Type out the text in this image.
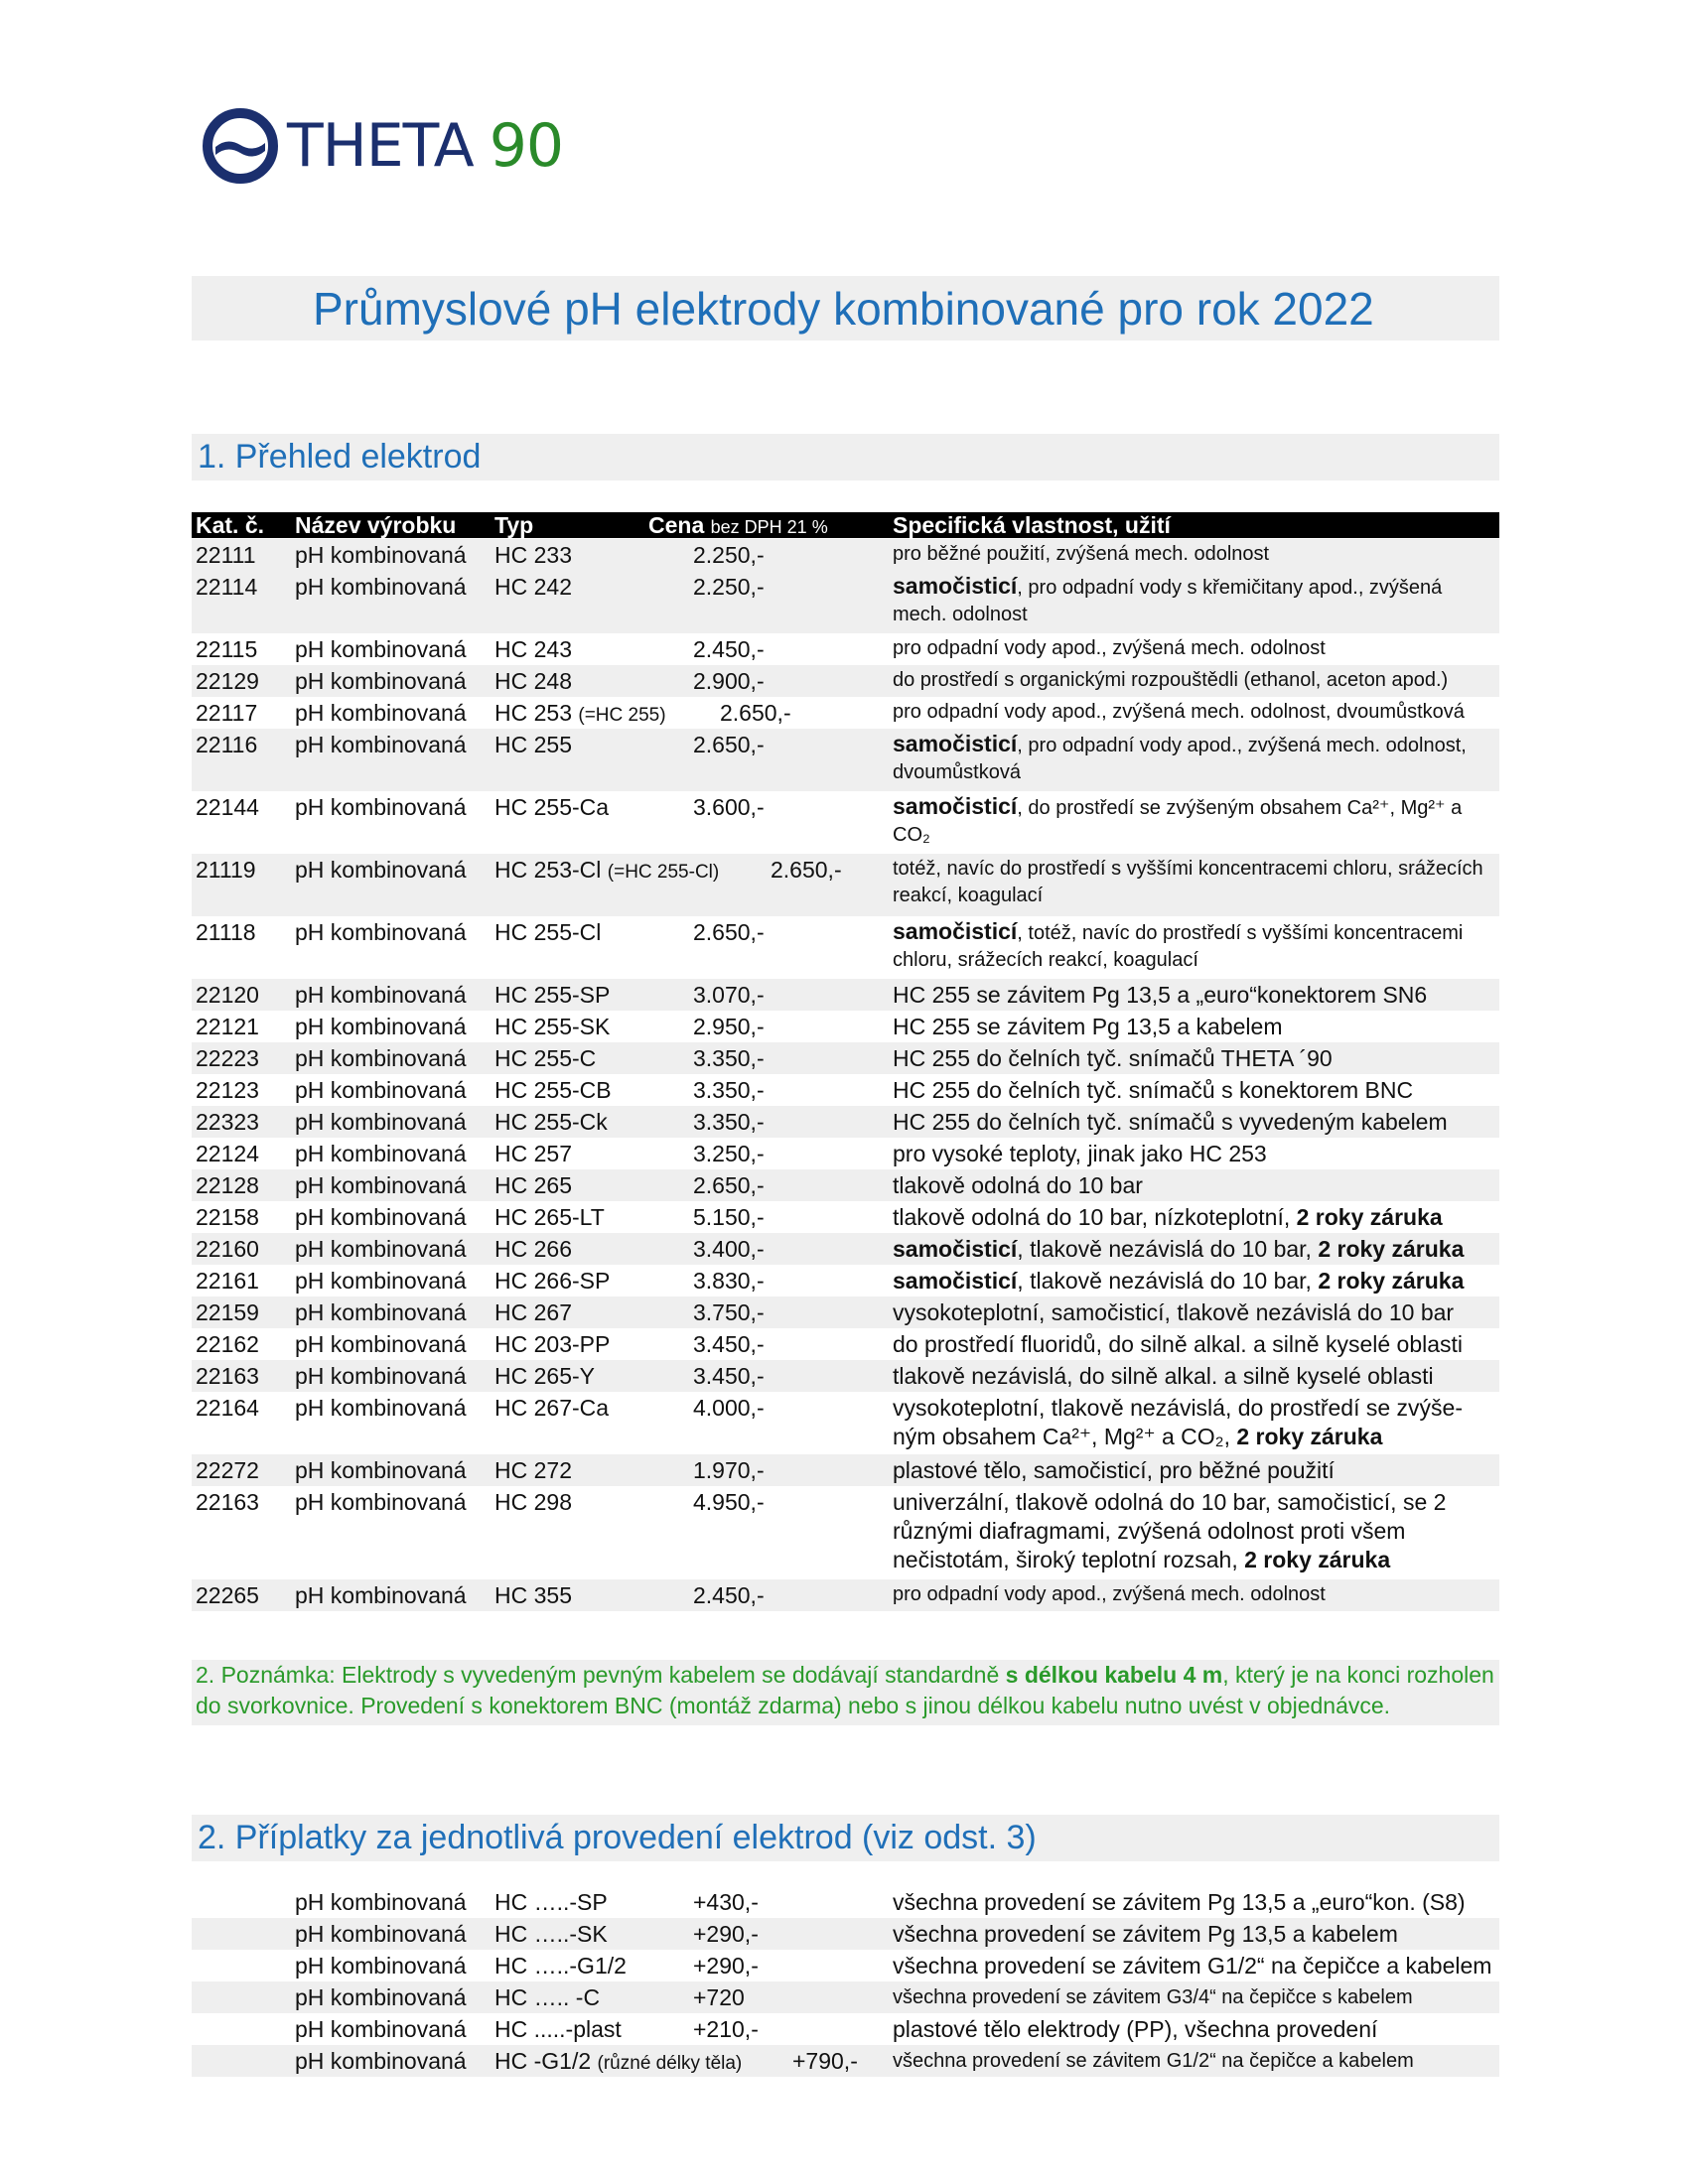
THETA 90
Průmyslové pH elektrody kombinované pro rok 2022
1. Přehled elektrod
Kat. č. Název výrobku Typ	Cena bez DPH 21 %	Specifická vlastnost, užití
22111 pH kombinovaná HC 233	2.250,-	pro běžné použití, zvýšená mech. odolnost
22114 pH kombinovaná HC 242	2.250,-	samočisticí, pro odpadní vody s křemičitany apod., zvýšená mech. odolnost
22115 pH kombinovaná HC 243	2.450,-	pro odpadní vody apod., zvýšená mech. odolnost
22129 pH kombinovaná HC 248	2.900,-	do prostředí s organickými rozpouštědli (ethanol, aceton apod.)
22117 pH kombinovaná HC 253 (=HC 255) 2.650,-	pro odpadní vody apod., zvýšená mech. odolnost, dvoumůstková
22116 pH kombinovaná HC 255	2.650,-	samočisticí, pro odpadní vody apod., zvýšená mech. odolnost, dvoumůstková
22144 pH kombinovaná HC 255-Ca	3.600,-	samočisticí, do prostředí se zvýšeným obsahem Ca²⁺, Mg²⁺ a CO₂
21119 pH kombinovaná HC 253-Cl (=HC 255-Cl) 2.650,-	totéž, navíc do prostředí s vyššími koncentracemi chloru, srážecích reakcí, koagulací
21118 pH kombinovaná HC 255-Cl	2.650,-	samočisticí, totéž, navíc do prostředí s vyššími koncentracemi chloru, srážecích reakcí, koagulací
22120 pH kombinovaná HC 255-SP	3.070,-	HC 255 se závitem Pg 13,5 a „euro“konektorem SN6
22121 pH kombinovaná HC 255-SK	2.950,-	HC 255 se závitem Pg 13,5 a kabelem
22223 pH kombinovaná HC 255-C	3.350,-	HC 255 do čelních tyč. snímačů THETA ´90
22123 pH kombinovaná HC 255-CB	3.350,-	HC 255 do čelních tyč. snímačů s konektorem BNC
22323 pH kombinovaná HC 255-Ck	3.350,-	HC 255 do čelních tyč. snímačů s vyvedeným kabelem
22124 pH kombinovaná HC 257	3.250,-	pro vysoké teploty, jinak jako HC 253
22128 pH kombinovaná HC 265	2.650,-	tlakově odolná do 10 bar
22158 pH kombinovaná HC 265-LT	5.150,-	tlakově odolná do 10 bar, nízkoteplotní, 2 roky záruka
22160 pH kombinovaná HC 266	3.400,-	samočisticí, tlakově nezávislá do 10 bar, 2 roky záruka
22161 pH kombinovaná HC 266-SP	3.830,-	samočisticí, tlakově nezávislá do 10 bar, 2 roky záruka
22159 pH kombinovaná HC 267	3.750,-	vysokoteplotní, samočisticí, tlakově nezávislá do 10 bar
22162 pH kombinovaná HC 203-PP	3.450,-	do prostředí fluoridů, do silně alkal. a silně kyselé oblasti
22163 pH kombinovaná HC 265-Y	3.450,-	tlakově nezávislá, do silně alkal. a silně kyselé oblasti
22164 pH kombinovaná HC 267-Ca	4.000,-	vysokoteplotní, tlakově nezávislá, do prostředí se zvýše-ným obsahem Ca²⁺, Mg²⁺ a CO₂, 2 roky záruka
22272 pH kombinovaná HC 272	1.970,-	plastové tělo, samočisticí, pro běžné použití
22163 pH kombinovaná HC 298	4.950,-	univerzální, tlakově odolná do 10 bar, samočisticí, se 2 různými diafragmami, zvýšená odolnost proti všem nečistotám, široký teplotní rozsah, 2 roky záruka
22265 pH kombinovaná HC 355	2.450,-	pro odpadní vody apod., zvýšená mech. odolnost
2. Poznámka: Elektrody s vyvedeným pevným kabelem se dodávají standardně s délkou kabelu 4 m, který je na konci rozholen do svorkovnice. Provedení s konektorem BNC (montáž zdarma) nebo s jinou délkou kabelu nutno uvést v objednávce.
2. Příplatky za jednotlivá provedení elektrod (viz odst. 3)
pH kombinovaná HC …..-SP	+430,-	všechna provedení se závitem Pg 13,5 a „euro“kon. (S8)
pH kombinovaná HC …..-SK	+290,-	všechna provedení se závitem Pg 13,5 a kabelem
pH kombinovaná HC …..-G1/2	+290,-	všechna provedení se závitem G1/2“ na čepičce a kabelem
pH kombinovaná HC ….. -C	+720	všechna provedení se závitem G3/4“ na čepičce s kabelem
pH kombinovaná HC .....-plast	+210,-	plastové tělo elektrody (PP), všechna provedení
pH kombinovaná HC -G1/2 (různé délky těla) +790,- všechna provedení se závitem G1/2“ na čepičce a kabelem
